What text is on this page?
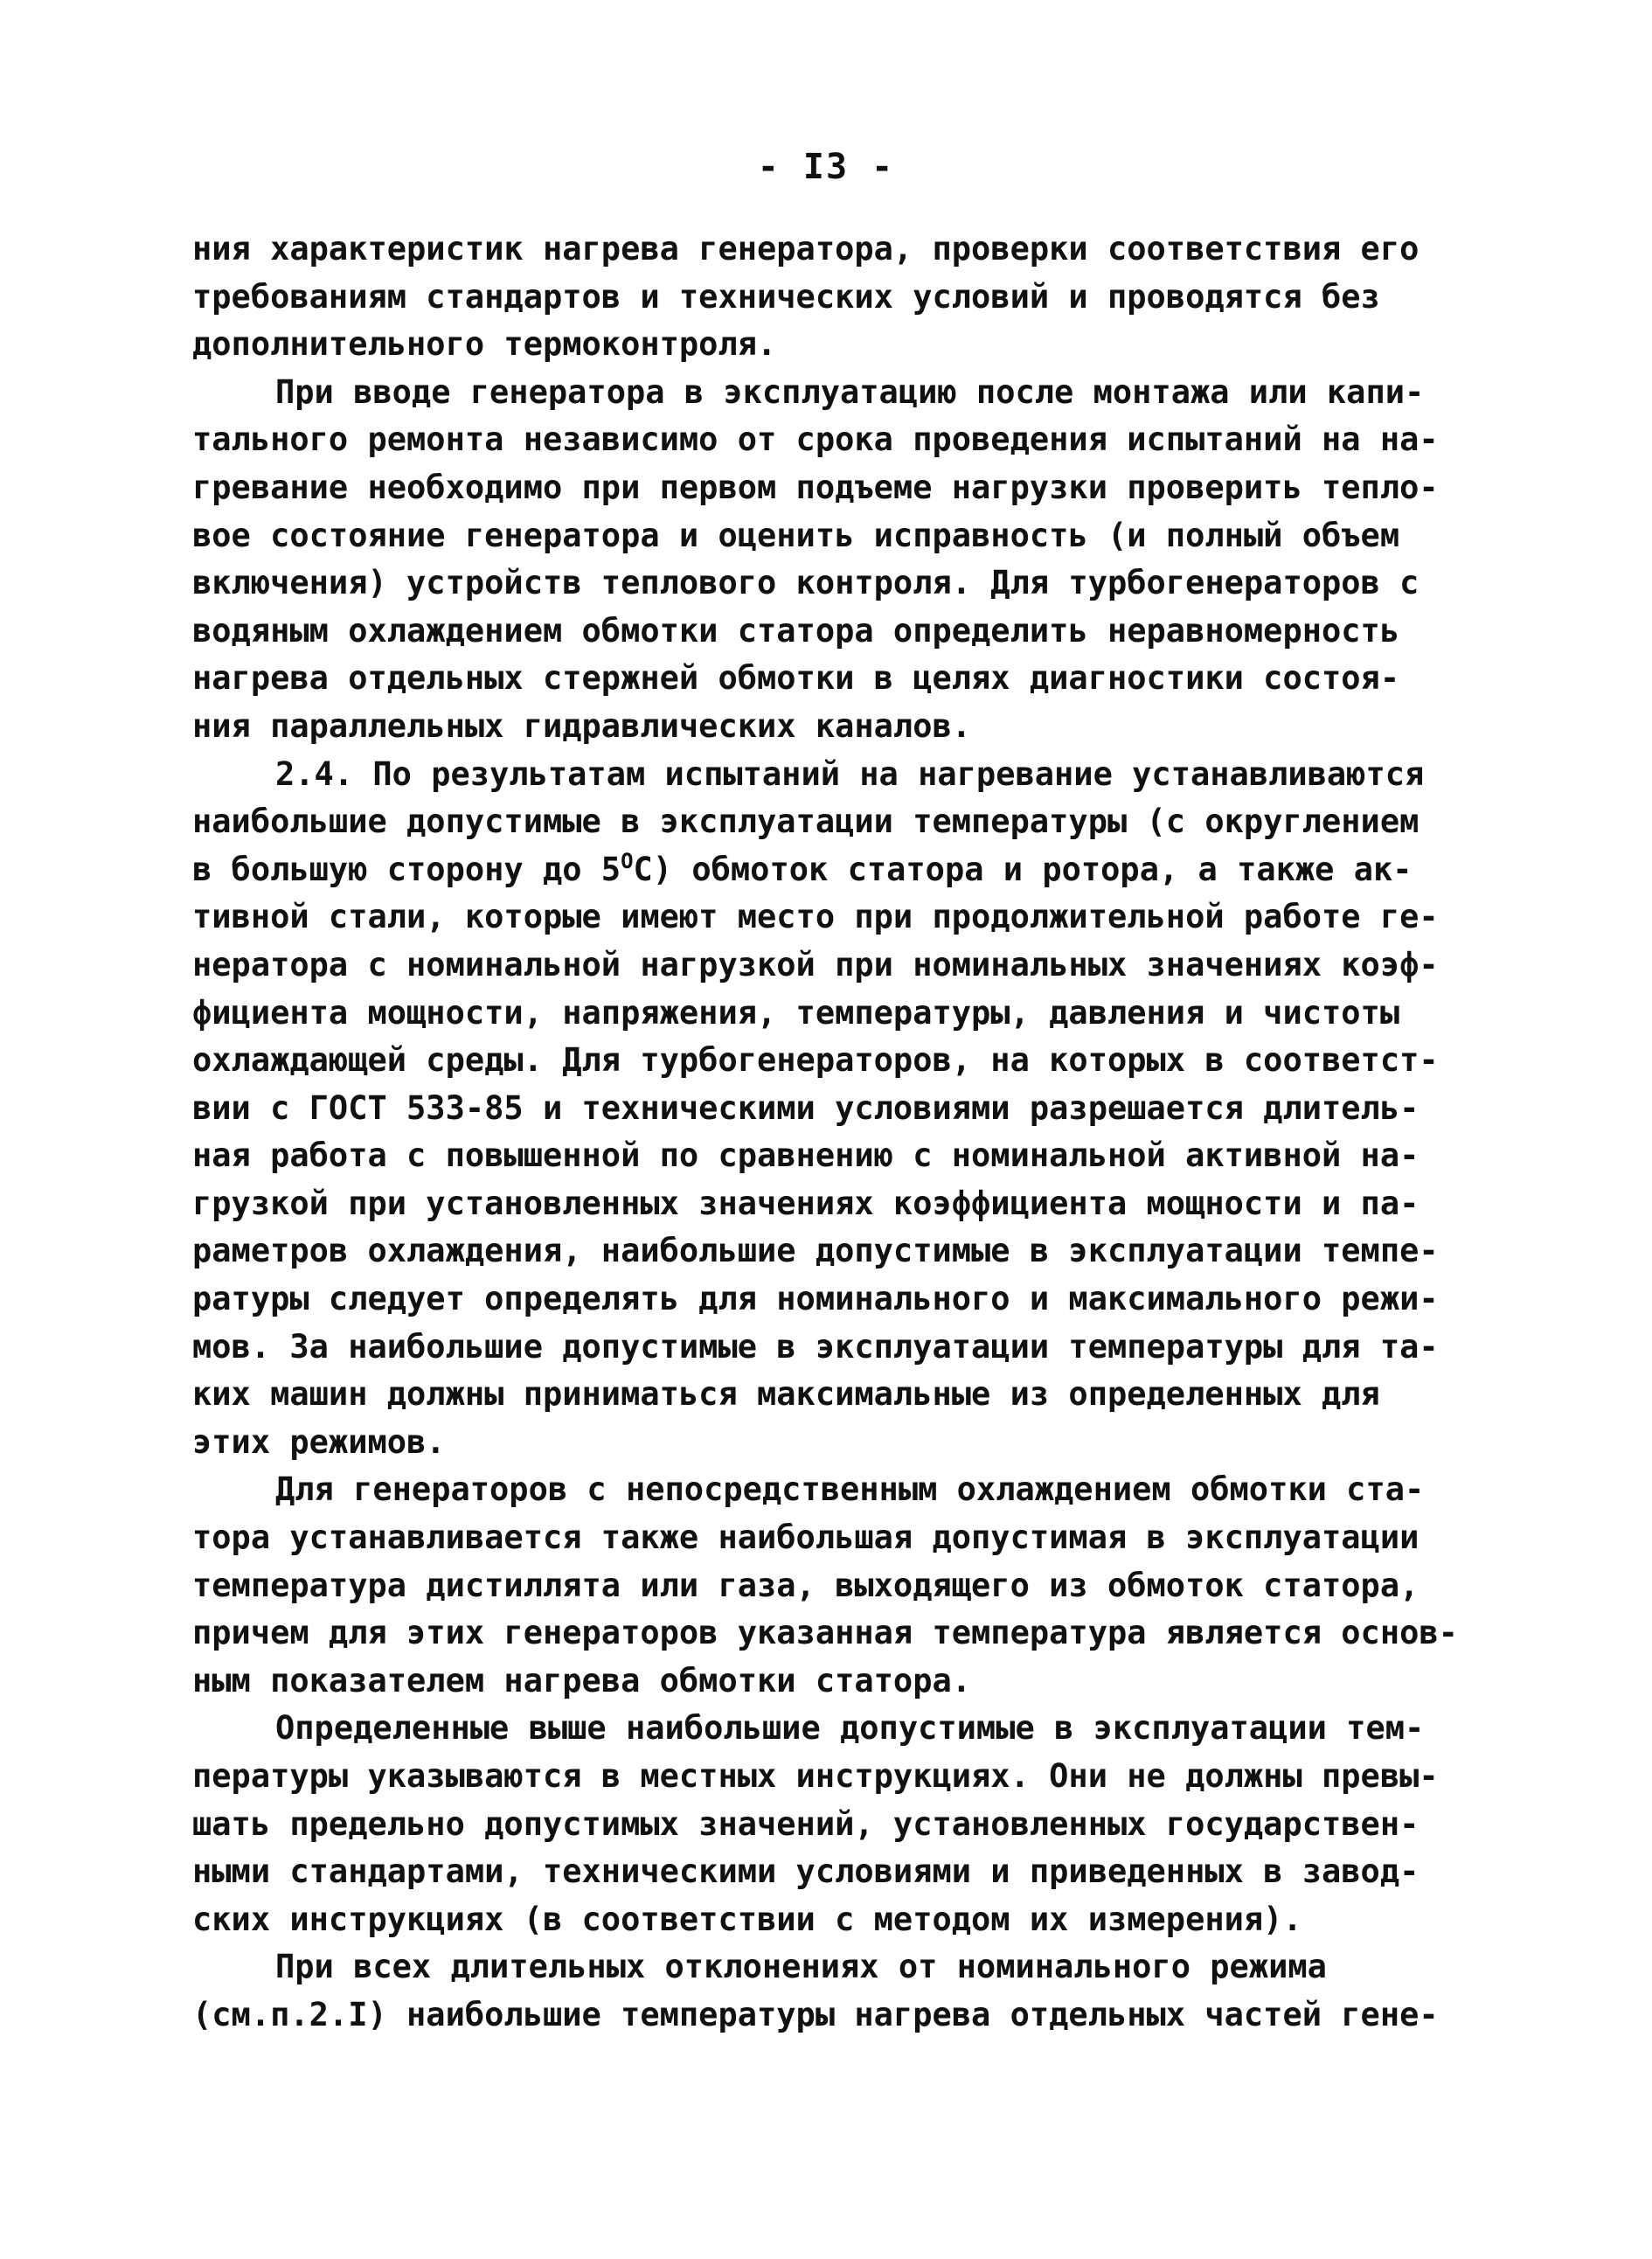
- I3 -
ния характеристик нагрева генератора, проверки соответствия его
требованиям стандартов и технических условий и проводятся без
дополнительного термоконтроля.
При вводе генератора в эксплуатацию после монтажа или капи-
тального ремонта независимо от срока проведения испытаний на на-
гревание необходимо при первом подъеме нагрузки проверить тепло-
вое состояние генератора и оценить исправность (и полный объем
включения) устройств теплового контроля. Для турбогенераторов с
водяным охлаждением обмотки статора определить неравномерность
нагрева отдельных стержней обмотки в целях диагностики состоя-
ния параллельных гидравлических каналов.
2.4. По результатам испытаний на нагревание устанавливаются
наибольшие допустимые в эксплуатации температуры (с округлением
в большую сторону до $5^OС$) обмоток статора и ротора, а также ак-
тивной стали, которые имеют место при продолжительной работе ге-
нератора с номинальной нагрузкой при номинальных значениях коэф-
фициента мощности, напряжения, температуры, давления и чистоты
охлаждающей среды. Для турбогенераторов, на которых в соответст-
вии с ГОСТ 533-85 и техническими условиями разрешается длитель-
ная работа с повышенной по сравнению с номинальной активной на-
грузкой при установленных значениях коэффициента мощности и па-
раметров охлаждения, наибольшие допустимые в эксплуатации темпе-
ратуры следует определять для номинального и максимального режи-
мов. За наибольшие допустимые в эксплуатации температуры для та-
ких машин должны приниматься максимальные из определенных для
этих режимов.
Для генераторов с непосредственным охлаждением обмотки ста-
тора устанавливается также наибольшая допустимая в эксплуатации
температура дистиллята или газа, выходящего из обмоток статора,
причем для этих генераторов указанная температура является основ-
ным показателем нагрева обмотки статора.
Определенные выше наибольшие допустимые в эксплуатации тем-
пературы указываются в местных инструкциях. Они не должны превы-
шать предельно допустимых значений, установленных государствен-
ными стандартами, техническими условиями и приведенных в завод-
ских инструкциях (в соответствии с методом их измерения).
При всех длительных отклонениях от номинального режима
(см.п.2.I) наибольшие температуры нагрева отдельных частей гене-
